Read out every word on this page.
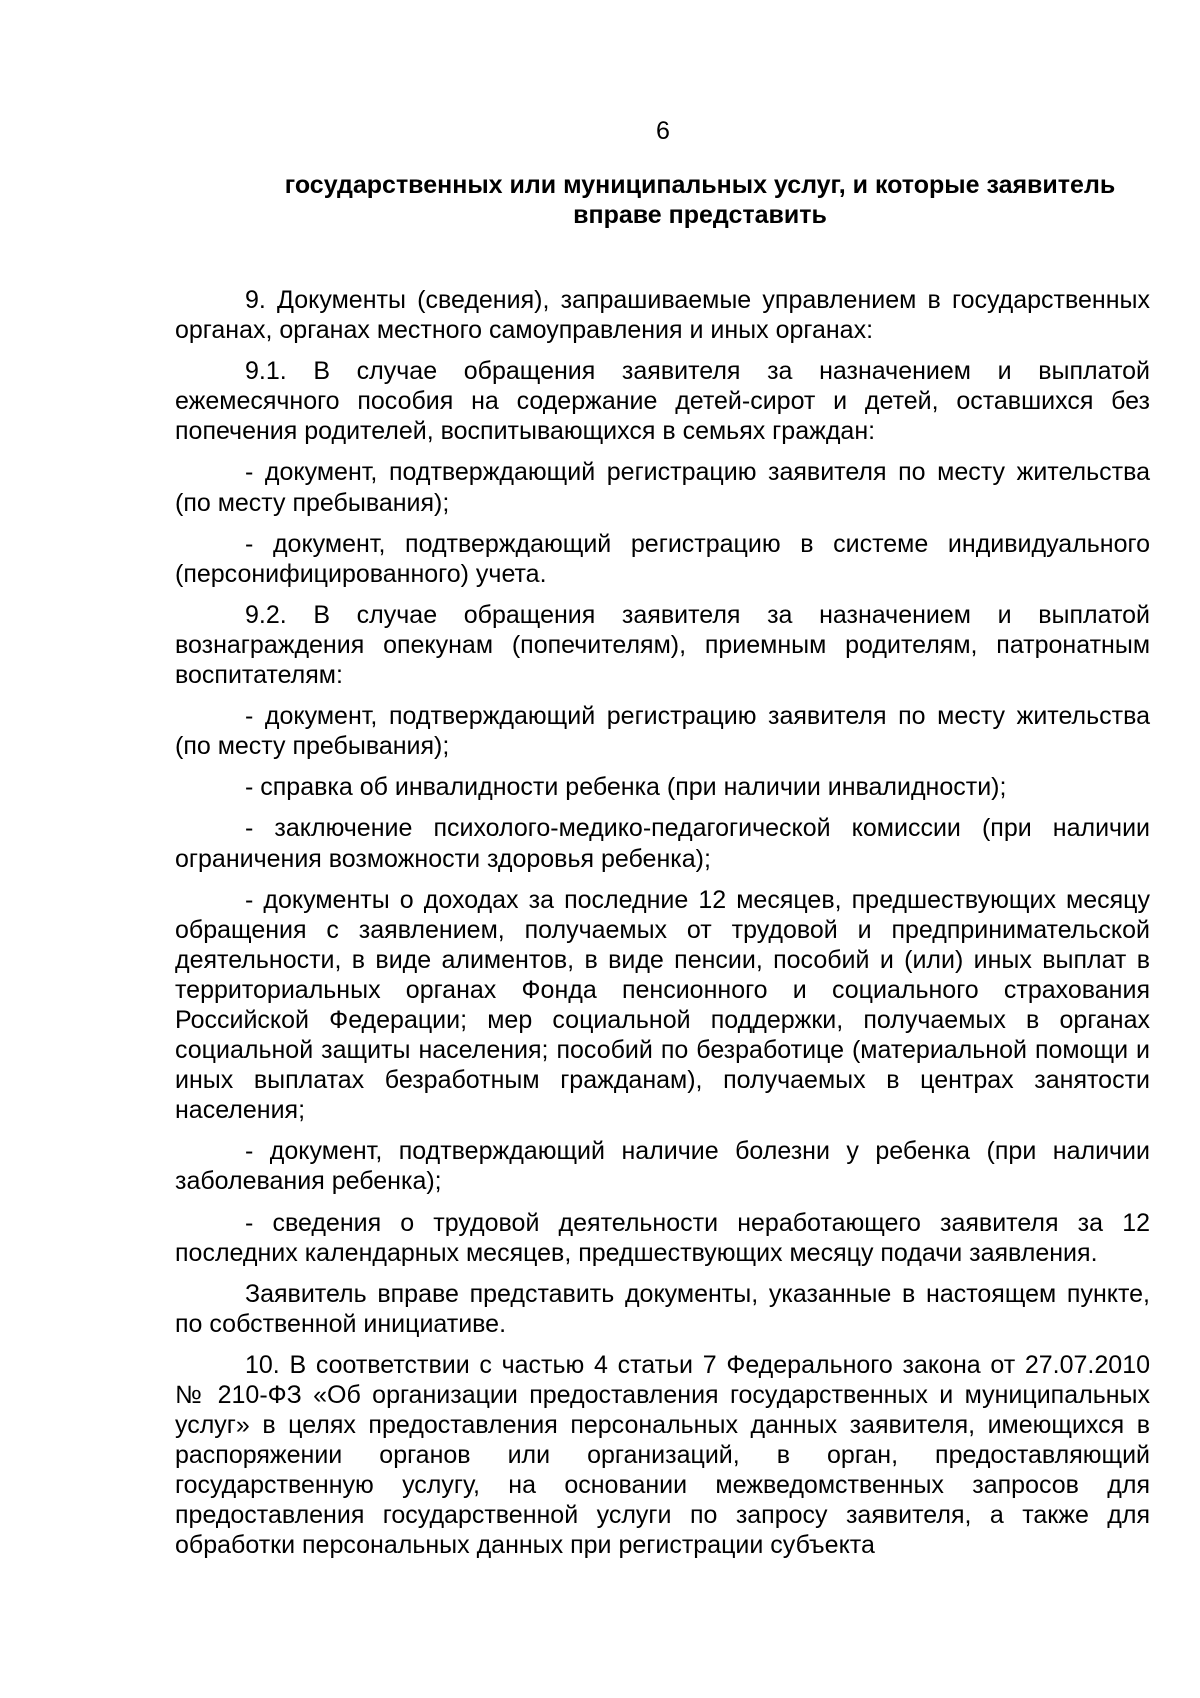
6
государственных или муниципальных услуг, и которые заявитель
вправе представить

9. Документы (сведения), запрашиваемые управлением в государственных органах, органах местного самоуправления и иных органах:

9.1. В случае обращения заявителя за назначением и выплатой ежемесячного пособия на содержание детей-сирот и детей, оставшихся без попечения родителей, воспитывающихся в семьях граждан:

- документ, подтверждающий регистрацию заявителя по месту жительства (по месту пребывания);

- документ, подтверждающий регистрацию в системе индивидуального (персонифицированного) учета.

9.2. В случае обращения заявителя за назначением и выплатой вознаграждения опекунам (попечителям), приемным родителям, патронатным воспитателям:

- документ, подтверждающий регистрацию заявителя по месту жительства (по месту пребывания);

- справка об инвалидности ребенка (при наличии инвалидности);

- заключение психолого-медико-педагогической комиссии (при наличии ограничения возможности здоровья ребенка);

- документы о доходах за последние 12 месяцев, предшествующих месяцу обращения с заявлением, получаемых от трудовой и предпринимательской деятельности, в виде алиментов, в виде пенсии, пособий и (или) иных выплат в территориальных органах Фонда пенсионного и социального страхования Российской Федерации; мер социальной поддержки, получаемых в органах социальной защиты населения; пособий по безработице (материальной помощи и иных выплатах безработным гражданам), получаемых в центрах занятости населения;

- документ, подтверждающий наличие болезни у ребенка (при наличии заболевания ребенка);

- сведения о трудовой деятельности неработающего заявителя за 12 последних календарных месяцев, предшествующих месяцу подачи заявления.

Заявитель вправе представить документы, указанные в настоящем пункте, по собственной инициативе.

10. В соответствии с частью 4 статьи 7 Федерального закона от 27.07.2010 № 210-ФЗ «Об организации предоставления государственных и муниципальных услуг» в целях предоставления персональных данных заявителя, имеющихся в распоряжении органов или организаций, в орган, предоставляющий государственную услугу, на основании межведомственных запросов для предоставления государственной услуги по запросу заявителя, а также для обработки персональных данных при регистрации субъекта
